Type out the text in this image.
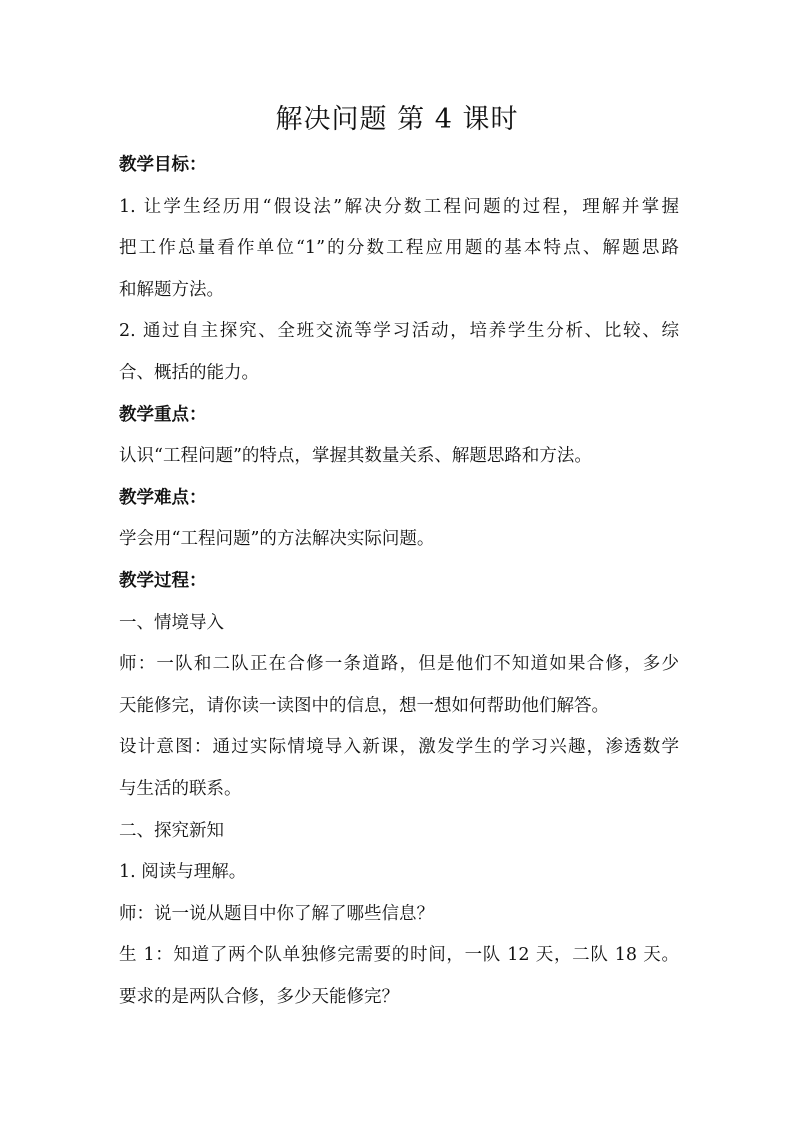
解决问题 第 4 课时
教学目标：
1. 让学生经历用“假设法”解决分数工程问题的过程，理解并掌握
把工作总量看作单位“1”的分数工程应用题的基本特点、解题思路
和解题方法。
2. 通过自主探究、全班交流等学习活动，培养学生分析、比较、综
合、概括的能力。
教学重点：
认识“工程问题”的特点，掌握其数量关系、解题思路和方法。
教学难点：
学会用“工程问题”的方法解决实际问题。
教学过程：
一、情境导入
师：一队和二队正在合修一条道路，但是他们不知道如果合修，多少
天能修完，请你读一读图中的信息，想一想如何帮助他们解答。
设计意图：通过实际情境导入新课，激发学生的学习兴趣，渗透数学
与生活的联系。
二、探究新知
1. 阅读与理解。
师：说一说从题目中你了解了哪些信息？
生 1：知道了两个队单独修完需要的时间，一队 12 天，二队 18 天。
要求的是两队合修，多少天能修完？
